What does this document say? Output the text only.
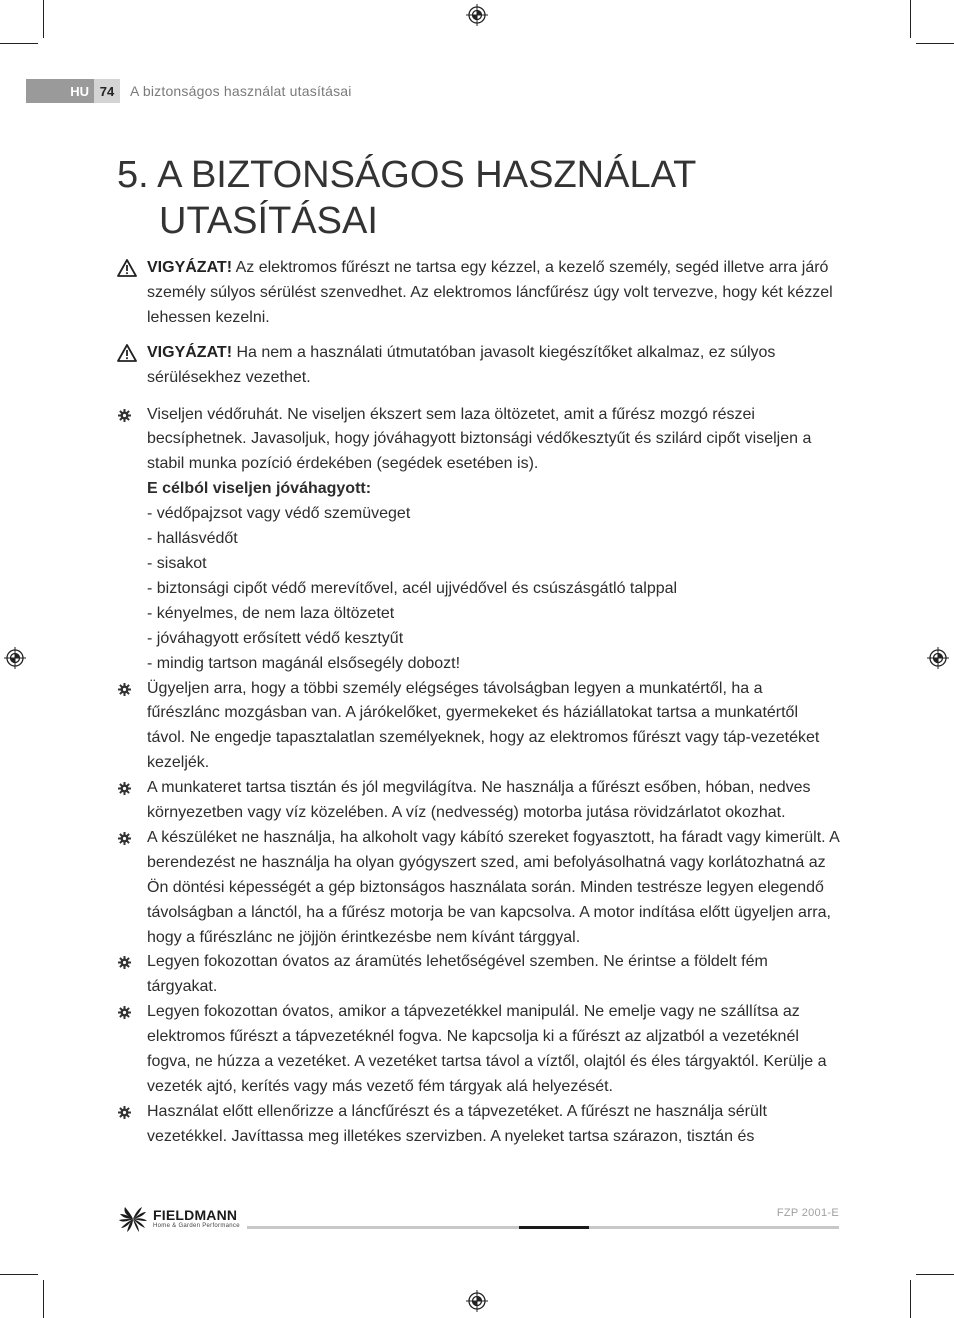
HU 74	A biztonságos használat utasításai
5. A BIZTONSÁGOS HASZNÁLAT
UTASÍTÁSAI
VIGYÁZAT! Az elektromos fűrészt ne tartsa egy kézzel, a kezelő személy, segéd illetve arra járó személy súlyos sérülést szenvedhet. Az elektromos láncfűrész úgy volt tervezve, hogy két kézzel lehessen kezelni.
VIGYÁZAT! Ha nem a használati útmutatóban javasolt kiegészítőket alkalmaz, ez súlyos sérülésekhez vezethet.
Viseljen védőruhát. Ne viseljen ékszert sem laza öltözetet, amit a fűrész mozgó részei becsíphetnek. Javasoljuk, hogy jóváhagyott biztonsági védőkesztyűt és szilárd cipőt viseljen a stabil munka pozíció érdekében (segédek esetében is).
E célból viseljen jóváhagyott:
- védőpajzsot vagy védő szemüveget
- hallásvédőt
- sisakot
- biztonsági cipőt védő merevítővel, acél ujjvédővel és csúszásgátló talppal
- kényelmes, de nem laza öltözetet
- jóváhagyott erősített védő kesztyűt
- mindig tartson magánál elsősegély dobozt!
Ügyeljen arra, hogy a többi személy elégséges távolságban legyen a munkatértől, ha a fűrészlánc mozgásban van. A járókelőket, gyermekeket és háziállatokat tartsa a munkatértől távol. Ne engedje tapasztalatlan személyeknek, hogy az elektromos fűrészt vagy táp-vezetéket kezeljék.
A munkateret tartsa tisztán és jól megvilágítva. Ne használja a fűrészt esőben, hóban, nedves környezetben vagy víz közelében. A víz (nedvesség) motorba jutása rövidzárlatot okozhat.
A készüléket ne használja, ha alkoholt vagy kábító szereket fogyasztott, ha fáradt vagy kimerült. A berendezést ne használja ha olyan gyógyszert szed, ami befolyásolhatná vagy korlátozhatná az Ön döntési képességét a gép biztonságos használata során. Minden testrésze legyen elegendő távolságban a lánctól, ha a fűrész motorja be van kapcsolva. A motor indítása előtt ügyeljen arra, hogy a fűrészlánc ne jöjjön érintkezésbe nem kívánt tárggyal.
Legyen fokozottan óvatos az áramütés lehetőségével szemben. Ne érintse a földelt fém tárgyakat.
Legyen fokozottan óvatos, amikor a tápvezetékkel manipulál. Ne emelje vagy ne szállítsa az elektromos fűrészt a tápvezetéknél fogva. Ne kapcsolja ki a fűrészt az aljzatból a vezetéknél fogva, ne húzza a vezetéket. A vezetéket tartsa távol a víztől, olajtól és éles tárgyaktól. Kerülje a vezeték ajtó, kerítés vagy más vezető fém tárgyak alá helyezését.
Használat előtt ellenőrizze a láncfűrészt és a tápvezetéket. A fűrészt ne használja sérült vezetékkel. Javíttassa meg illetékes szervizben. A nyeleket tartsa szárazon, tisztán és
FIELDMANN
Home & Garden Performance
FZP 2001-E
